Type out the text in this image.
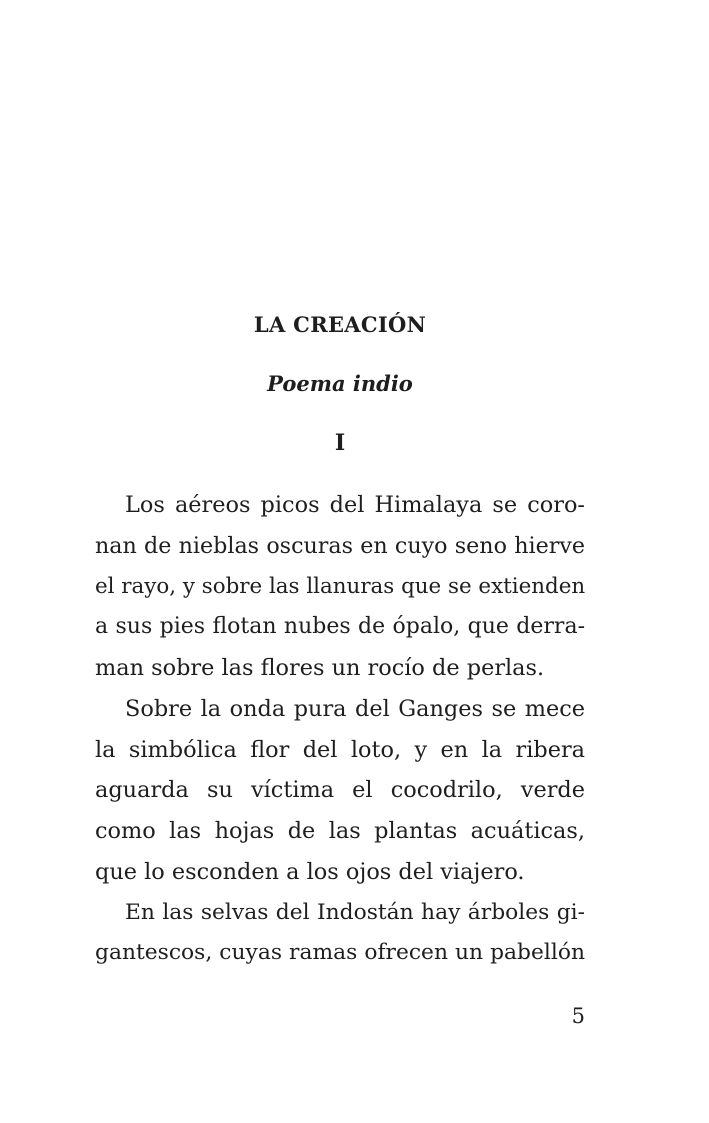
LA CREACIÓN
Poema indio
I
Los aéreos picos del Himalaya se coro-
nan de nieblas oscuras en cuyo seno hierve
el rayo, y sobre las llanuras que se extienden
a sus pies flotan nubes de ópalo, que derra-
man sobre las flores un rocío de perlas.
Sobre la onda pura del Ganges se mece
la simbólica flor del loto, y en la ribera
aguarda su víctima el cocodrilo, verde
como las hojas de las plantas acuáticas,
que lo esconden a los ojos del viajero.
En las selvas del Indostán hay árboles gi-
gantescos, cuyas ramas ofrecen un pabellón
5
